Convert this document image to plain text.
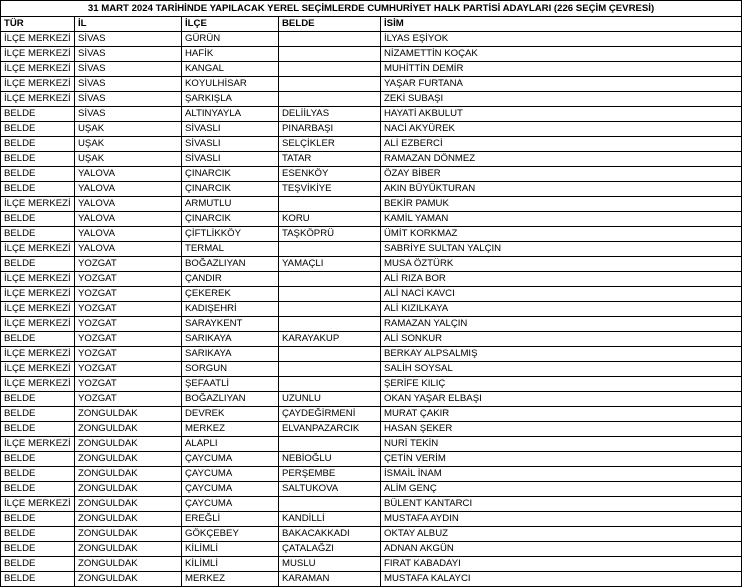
31 MART 2024 TARİHİNDE YAPILACAK YEREL SEÇİMLERDE CUMHURİYET HALK PARTİSİ ADAYLARI (226 SEÇİM ÇEVRESİ)				
TÜR	İL	İLÇE	BELDE	İSİM
İLÇE MERKEZİ	SİVAS	GÜRÜN		İLYAS EŞİYOK
İLÇE MERKEZİ	SİVAS	HAFİK		NİZAMETTİN KOÇAK
İLÇE MERKEZİ	SİVAS	KANGAL		MUHİTTİN DEMİR
İLÇE MERKEZİ	SİVAS	KOYULHİSAR		YAŞAR FURTANA
İLÇE MERKEZİ	SİVAS	ŞARKIŞLA		ZEKİ SUBAŞI
BELDE	SİVAS	ALTINYAYLA	DELİİLYAS	HAYATİ AKBULUT
BELDE	UŞAK	SİVASLI	PINARBAŞI	NACİ AKYÜREK
BELDE	UŞAK	SİVASLI	SELÇİKLER	ALİ EZBERCİ
BELDE	UŞAK	SİVASLI	TATAR	RAMAZAN DÖNMEZ
BELDE	YALOVA	ÇINARCIK	ESENKÖY	ÖZAY BİBER
BELDE	YALOVA	ÇINARCIK	TEŞVİKİYE	AKIN BÜYÜKTURAN
İLÇE MERKEZİ	YALOVA	ARMUTLU		BEKİR PAMUK
BELDE	YALOVA	ÇINARCIK	KORU	KAMİL YAMAN
BELDE	YALOVA	ÇİFTLİKKÖY	TAŞKÖPRÜ	ÜMİT KORKMAZ
İLÇE MERKEZİ	YALOVA	TERMAL		SABRİYE SULTAN YALÇIN
BELDE	YOZGAT	BOĞAZLIYAN	YAMAÇLI	MUSA ÖZTÜRK
İLÇE MERKEZİ	YOZGAT	ÇANDIR		ALİ RIZA BOR
İLÇE MERKEZİ	YOZGAT	ÇEKEREK		ALİ NACİ KAVCI
İLÇE MERKEZİ	YOZGAT	KADIŞEHRİ		ALİ KIZILKAYA
İLÇE MERKEZİ	YOZGAT	SARAYKENT		RAMAZAN YALÇIN
BELDE	YOZGAT	SARIKAYA	KARAYAKUP	ALİ SONKUR
İLÇE MERKEZİ	YOZGAT	SARIKAYA		BERKAY ALPSALMIŞ
İLÇE MERKEZİ	YOZGAT	SORGUN		SALİH SOYSAL
İLÇE MERKEZİ	YOZGAT	ŞEFAATLİ		ŞERİFE KILIÇ
BELDE	YOZGAT	BOĞAZLIYAN	UZUNLU	OKAN YAŞAR ELBAŞI
BELDE	ZONGULDAK	DEVREK	ÇAYDEĞİRMENİ	MURAT ÇAKIR
BELDE	ZONGULDAK	MERKEZ	ELVANPAZARCIK	HASAN ŞEKER
İLÇE MERKEZİ	ZONGULDAK	ALAPLI		NURİ TEKİN
BELDE	ZONGULDAK	ÇAYCUMA	NEBİOĞLU	ÇETİN VERİM
BELDE	ZONGULDAK	ÇAYCUMA	PERŞEMBE	İSMAİL İNAM
BELDE	ZONGULDAK	ÇAYCUMA	SALTUKOVA	ALİM GENÇ
İLÇE MERKEZİ	ZONGULDAK	ÇAYCUMA		BÜLENT KANTARCI
BELDE	ZONGULDAK	EREĞLİ	KANDİLLİ	MUSTAFA AYDIN
BELDE	ZONGULDAK	GÖKÇEBEY	BAKACAKKADI	OKTAY ALBUZ
BELDE	ZONGULDAK	KİLİMLİ	ÇATALAĞZI	ADNAN AKGÜN
BELDE	ZONGULDAK	KİLİMLİ	MUSLU	FIRAT KABADAYI
BELDE	ZONGULDAK	MERKEZ	KARAMAN	MUSTAFA KALAYCI
